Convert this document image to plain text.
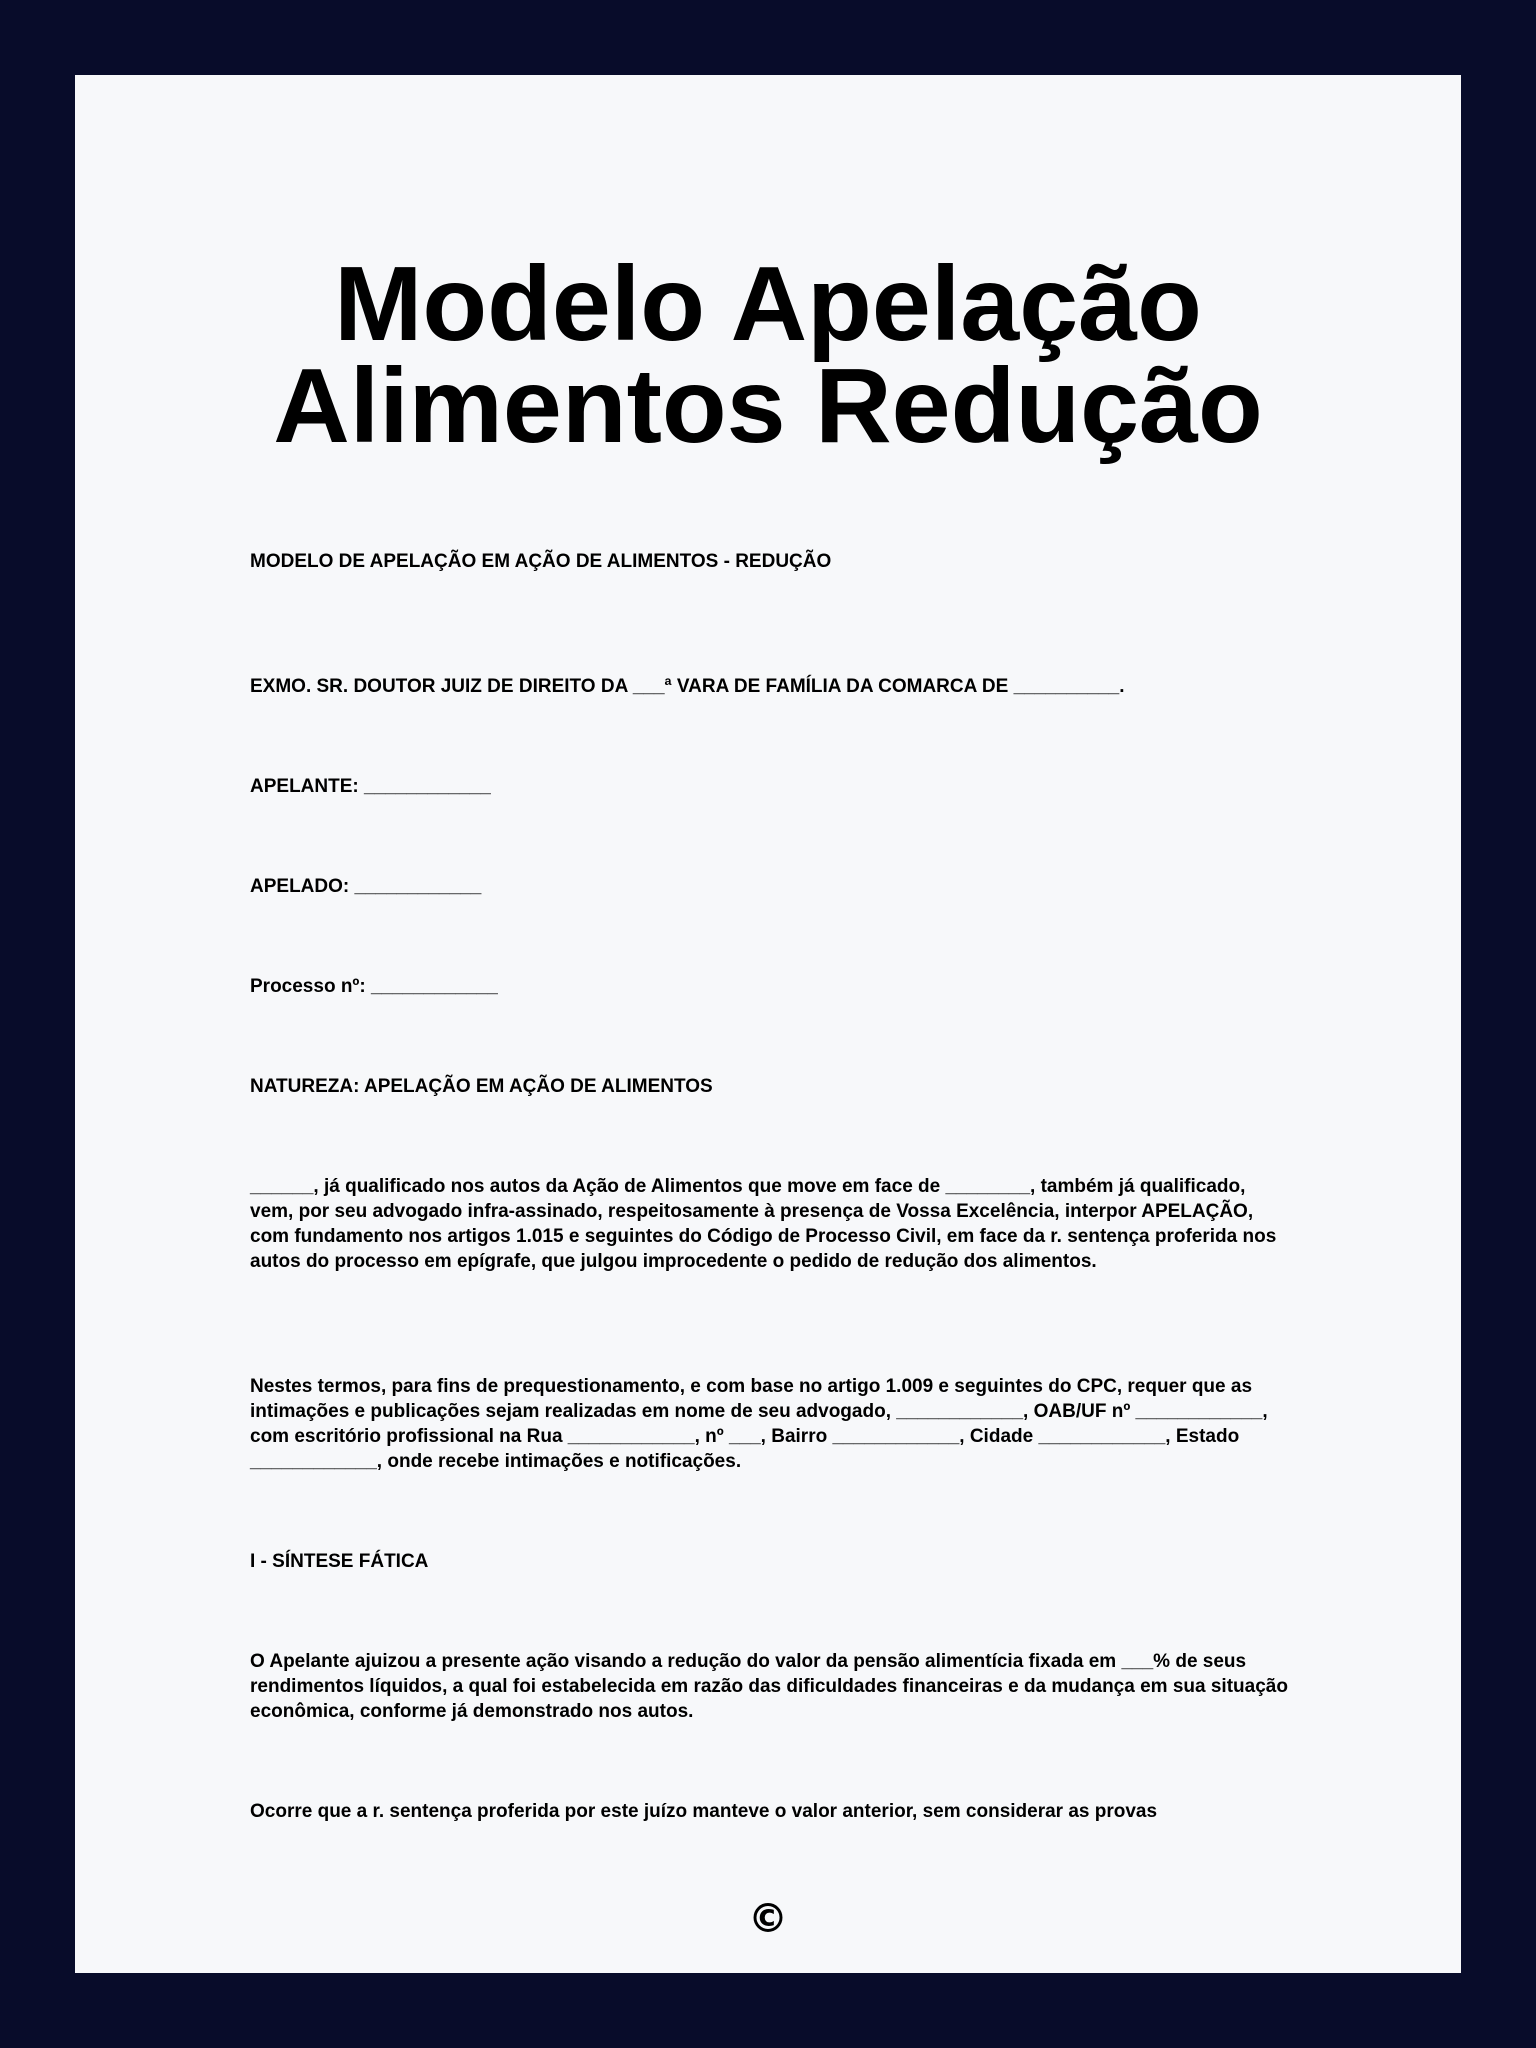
Modelo Apelação Alimentos Redução

MODELO DE APELAÇÃO EM AÇÃO DE ALIMENTOS - REDUÇÃO

EXMO. SR. DOUTOR JUIZ DE DIREITO DA ___ª VARA DE FAMÍLIA DA COMARCA DE __________.

APELANTE: ____________

APELADO: ____________

Processo nº: ____________

NATUREZA: APELAÇÃO EM AÇÃO DE ALIMENTOS

______, já qualificado nos autos da Ação de Alimentos que move em face de ________, também já qualificado, vem, por seu advogado infra-assinado, respeitosamente à presença de Vossa Excelência, interpor APELAÇÃO, com fundamento nos artigos 1.015 e seguintes do Código de Processo Civil, em face da r. sentença proferida nos autos do processo em epígrafe, que julgou improcedente o pedido de redução dos alimentos.

Nestes termos, para fins de prequestionamento, e com base no artigo 1.009 e seguintes do CPC, requer que as intimações e publicações sejam realizadas em nome de seu advogado, ____________, OAB/UF nº ____________, com escritório profissional na Rua ____________, nº ___, Bairro ____________, Cidade ____________, Estado ____________, onde recebe intimações e notificações.

I - SÍNTESE FÁTICA

O Apelante ajuizou a presente ação visando a redução do valor da pensão alimentícia fixada em ___% de seus rendimentos líquidos, a qual foi estabelecida em razão das dificuldades financeiras e da mudança em sua situação econômica, conforme já demonstrado nos autos.

Ocorre que a r. sentença proferida por este juízo manteve o valor anterior, sem considerar as provas

©
